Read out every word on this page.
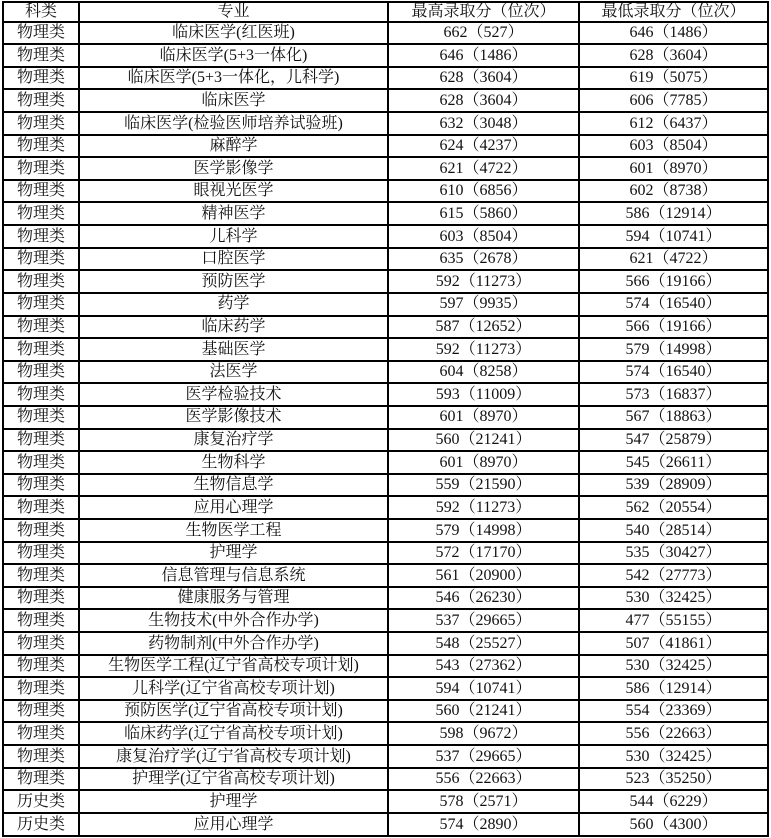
科类	专业	最高录取分（位次）	最低录取分（位次）
物理类	临床医学(红医班)	662（527）	646（1486）
物理类	临床医学(5+3一体化)	646（1486）	628（3604）
物理类	临床医学(5+3一体化，儿科学)	628（3604）	619（5075）
物理类	临床医学	628（3604）	606（7785）
物理类	临床医学(检验医师培养试验班)	632（3048）	612（6437）
物理类	麻醉学	624（4237）	603（8504）
物理类	医学影像学	621（4722）	601（8970）
物理类	眼视光医学	610（6856）	602（8738）
物理类	精神医学	615（5860）	586（12914）
物理类	儿科学	603（8504）	594（10741）
物理类	口腔医学	635（2678）	621（4722）
物理类	预防医学	592（11273）	566（19166）
物理类	药学	597（9935）	574（16540）
物理类	临床药学	587（12652）	566（19166）
物理类	基础医学	592（11273）	579（14998）
物理类	法医学	604（8258）	574（16540）
物理类	医学检验技术	593（11009）	573（16837）
物理类	医学影像技术	601（8970）	567（18863）
物理类	康复治疗学	560（21241）	547（25879）
物理类	生物科学	601（8970）	545（26611）
物理类	生物信息学	559（21590）	539（28909）
物理类	应用心理学	592（11273）	562（20554）
物理类	生物医学工程	579（14998）	540（28514）
物理类	护理学	572（17170）	535（30427）
物理类	信息管理与信息系统	561（20900）	542（27773）
物理类	健康服务与管理	546（26230）	530（32425）
物理类	生物技术(中外合作办学)	537（29665）	477（55155）
物理类	药物制剂(中外合作办学)	548（25527）	507（41861）
物理类	生物医学工程(辽宁省高校专项计划)	543（27362）	530（32425）
物理类	儿科学(辽宁省高校专项计划)	594（10741）	586（12914）
物理类	预防医学(辽宁省高校专项计划)	560（21241）	554（23369）
物理类	临床药学(辽宁省高校专项计划)	598（9672）	556（22663）
物理类	康复治疗学(辽宁省高校专项计划)	537（29665）	530（32425）
物理类	护理学(辽宁省高校专项计划)	556（22663）	523（35250）
历史类	护理学	578（2571）	544（6229）
历史类	应用心理学	574（2890）	560（4300）
